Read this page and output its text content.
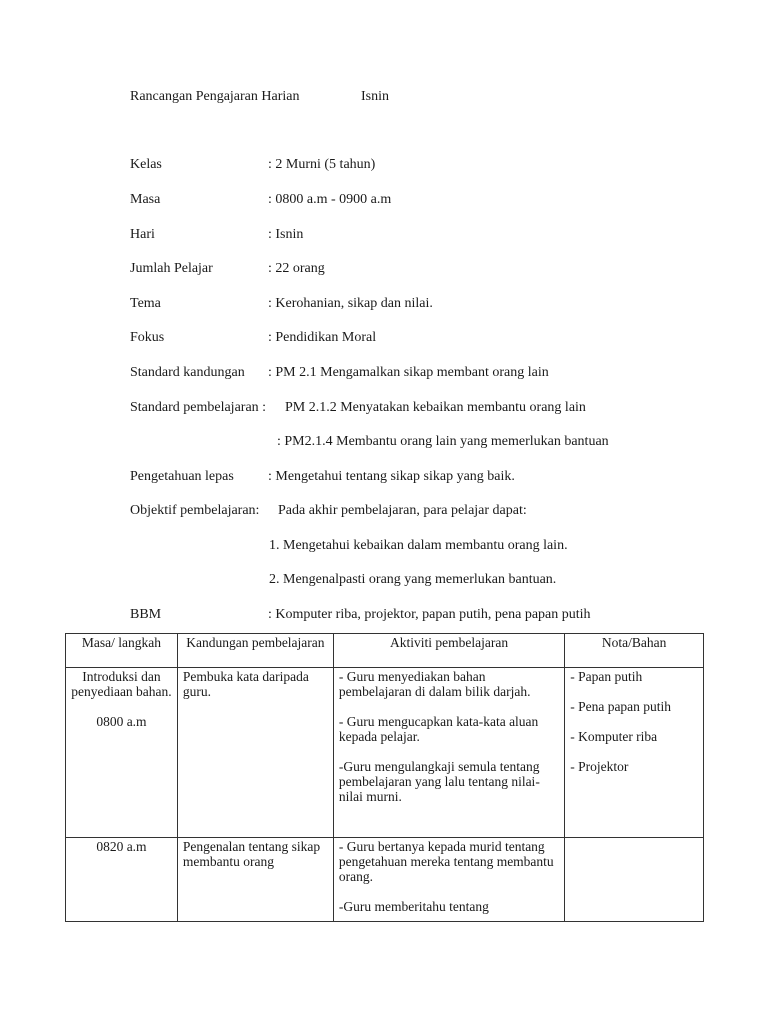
Rancangan Pengajaran Harian	Isnin
Kelas	: 2 Murni (5 tahun)
Masa	: 0800 a.m - 0900 a.m
Hari	: Isnin
Jumlah Pelajar	: 22 orang
Tema	: Kerohanian, sikap dan nilai.
Fokus	: Pendidikan Moral
Standard kandungan : PM 2.1 Mengamalkan sikap membant orang lain
Standard pembelajaran : PM 2.1.2 Menyatakan kebaikan membantu orang lain
: PM2.1.4 Membantu orang lain yang memerlukan bantuan
Pengetahuan lepas : Mengetahui tentang sikap sikap yang baik.
Objektif pembelajaran: Pada akhir pembelajaran, para pelajar dapat:
1. Mengetahui kebaikan dalam membantu orang lain.
2. Mengenalpasti orang yang memerlukan bantuan.
BBM	: Komputer riba, projektor, papan putih, pena papan putih
Masa/ langkah	Kandungan pembelajaran	Aktiviti pembelajaran	Nota/Bahan

Introduksi dan penyediaan bahan.
0800 a.m	Pembuka kata daripada guru.	- Guru menyediakan bahan pembelajaran di dalam bilik darjah.
- Guru mengucapkan kata-kata aluan kepada pelajar.
-Guru mengulangkaji semula tentang pembelajaran yang lalu tentang nilai-nilai murni.	- Papan putih
- Pena papan putih
- Komputer riba
- Projektor

0820 a.m	Pengenalan tentang sikap membantu orang	- Guru bertanya kepada murid tentang pengetahuan mereka tentang membantu orang.
-Guru memberitahu tentang	
